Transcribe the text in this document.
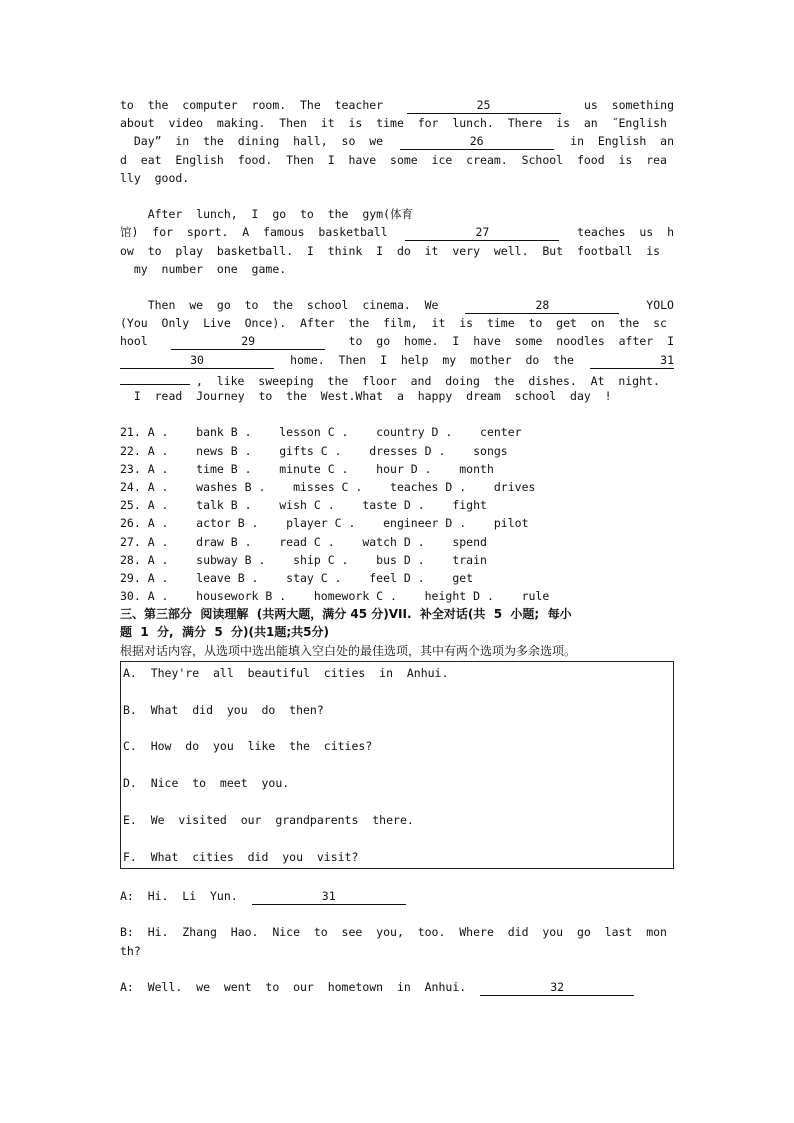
to  the  computer  room.  The  teacher	25	us  something
about  video  making.  Then  it  is  time  for  lunch.  There  is  an  ˝English
Dayˮ  in  the  dining  hall,  so  we	26	in  English  an
d  eat  English  food.  Then  I  have  some  ice  cream.  School  food  is  rea
lly  good.
After  lunch,  I  go  to  the  gym(体育
馆)  for  sport.  A  famous  basketball	27	teaches  us  h
ow  to  play  basketball.  I  think  I  do  it  very  well.  But  football  is
my  number  one  game.
Then  we  go  to  the  school  cinema.  We	28	YOLO
(You  Only  Live  Once).  After  the  film,  it  is  time  to  get  on  the  sc
hool	29	to  go  home.  I  have  some  noodles  after  I
30	home.  Then  I  help  my  mother  do  the	31
,  like  sweeping  the  floor  and  doing  the  dishes.  At  night.
I  read  Journey  to  the  West.What  a  happy  dream  school  day  !
21. A .    bank B .    lesson C .    country D .    center
22. A .    news B .    gifts C .    dresses D .    songs
23. A .    time B .    minute C .    hour D .    month
24. A .    washes B .    misses C .    teaches D .    drives
25. A .    talk B .    wish C .    taste D .    fight
26. A .    actor B .    player C .    engineer D .    pilot
27. A .    draw B .    read C .    watch D .    spend
28. A .    subway B .    ship C .    bus D .    train
29. A .    leave B .    stay C .    feel D .    get
30. A .    housework B .    homework C .    height D .    rule
三、第三部分  阅读理解  (共两大题，满分 45 分)VII.  补全对话(共  5  小题;  每小
题  1  分,  满分  5  分)(共1题;共5分)
根据对话内容，从选项中选出能填入空白处的最佳选项，其中有两个选项为多余选项。
A.  They're  all  beautiful  cities  in  Anhui.
B.  What  did  you  do  then?
C.  How  do  you  like  the  cities?
D.  Nice  to  meet  you.
E.  We  visited  our  grandparents  there.
F.  What  cities  did  you  visit?
A:  Hi.  Li  Yun.	31
B:  Hi.  Zhang  Hao.  Nice  to  see  you,  too.  Where  did  you  go  last  mon
th?
A:  Well.  we  went  to  our  hometown  in  Anhui.	32
